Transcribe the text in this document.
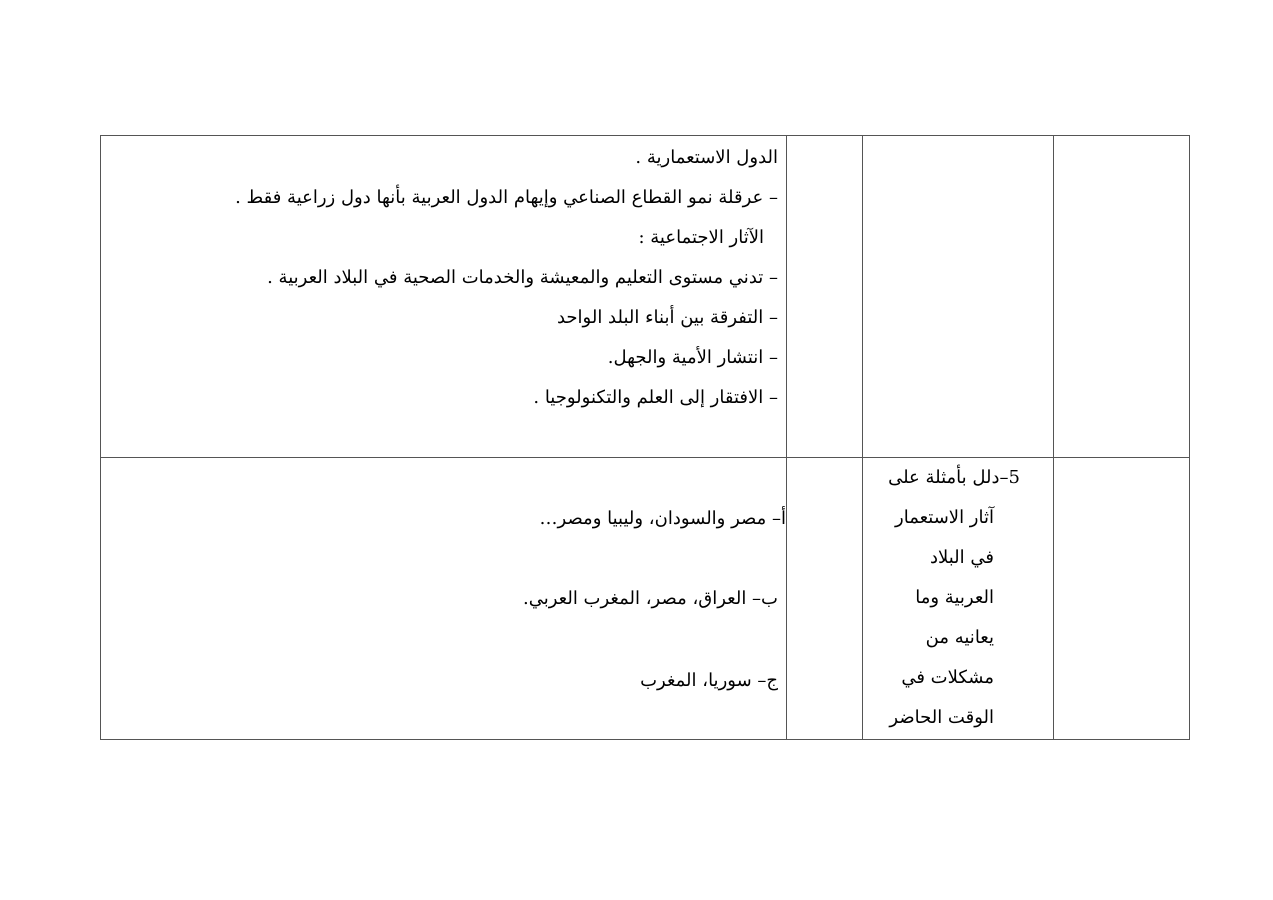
الدول الاستعمارية .
– عرقلة نمو القطاع الصناعي وإيهام الدول العربية بأنها دول زراعية فقط .
الآثار الاجتماعية :
– تدني مستوى التعليم والمعيشة والخدمات الصحية في البلاد العربية .
– التفرقة بين أبناء البلد الواحد
– انتشار الأمية والجهل.
– الافتقار إلى العلم والتكنولوجيا .
أ– مصر والسودان، وليبيا ومصر…
ب– العراق، مصر، المغرب العربي.
ج– سوريا، المغرب
5–دلل بأمثلة على
آثار الاستعمار
في البلاد
العربية وما
يعانيه من
مشكلات في
الوقت الحاضر
